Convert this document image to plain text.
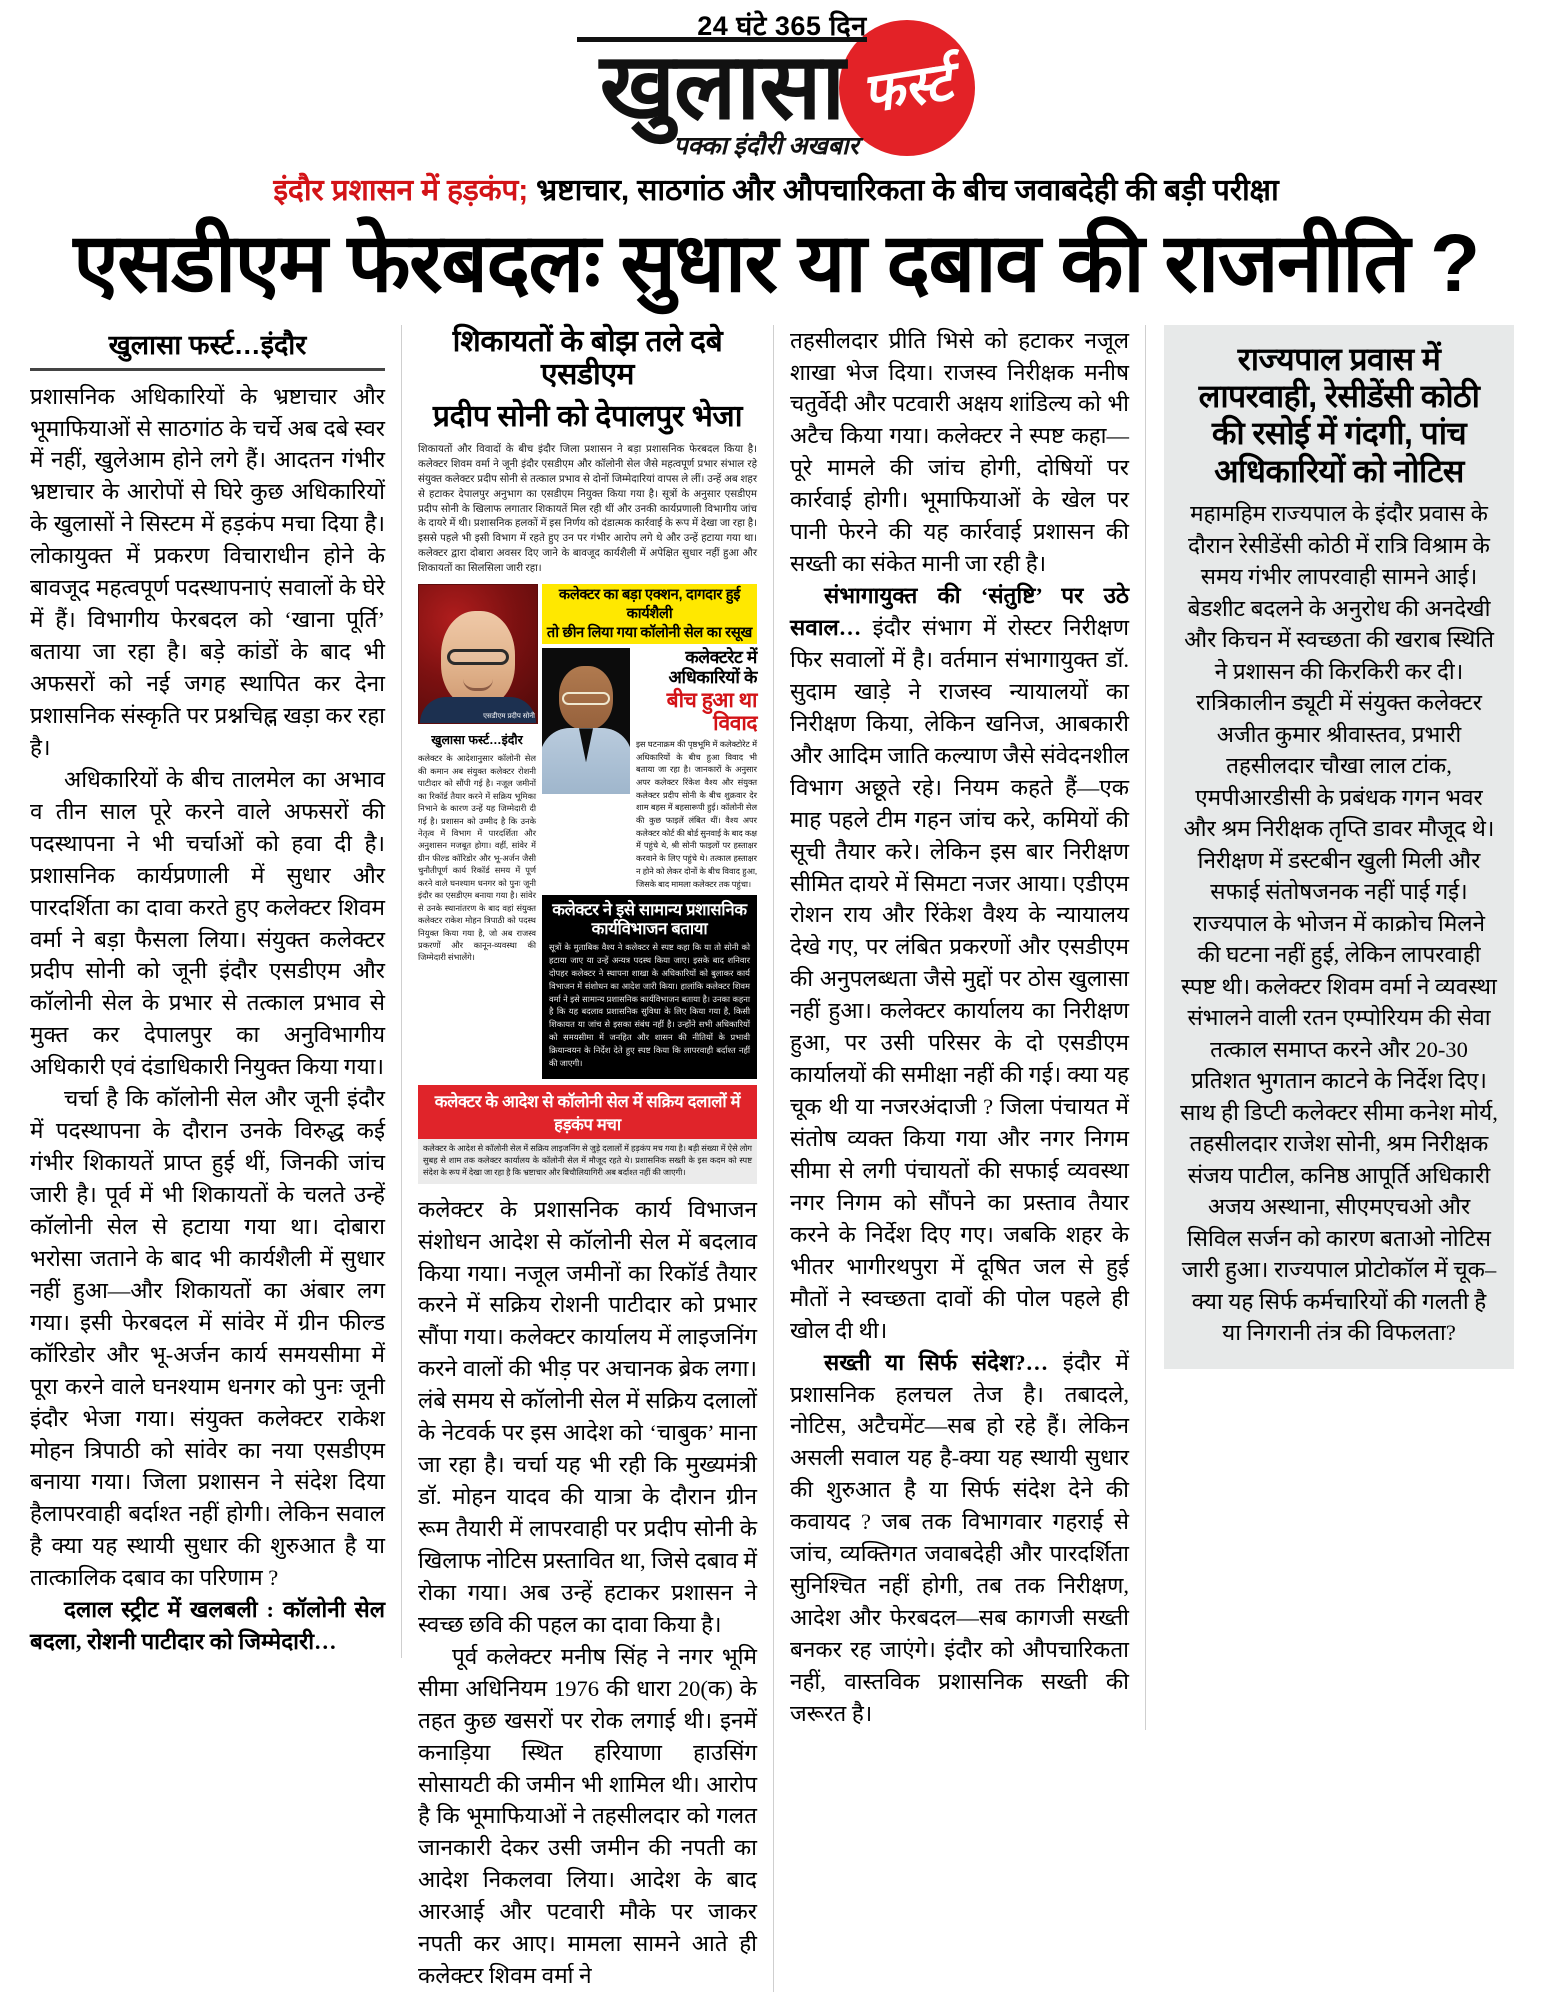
24 घंटे 365 दिन
खुलासा
पक्का इंदौरी अखबार
फर्स्ट
इंदौर प्रशासन में हड़कंप; भ्रष्टाचार, साठगांठ और औपचारिकता के बीच जवाबदेही की बड़ी परीक्षा
एसडीएम फेरबदलः सुधार या दबाव की राजनीति ?
खुलासा फर्स्ट…इंदौर

प्रशासनिक अधिकारियों के भ्रष्टाचार और भूमाफियाओं से साठगांठ के चर्चे अब दबे स्वर में नहीं, खुलेआम होने लगे हैं। आदतन गंभीर भ्रष्टाचार के आरोपों से घिरे कुछ अधिकारियों के खुलासों ने सिस्टम में हड़कंप मचा दिया है। लोकायुक्त में प्रकरण विचाराधीन होने के बावजूद महत्वपूर्ण पदस्थापनाएं सवालों के घेरे में हैं। विभागीय फेरबदल को ‘खाना पूर्ति’ बताया जा रहा है। बड़े कांडों के बाद भी अफसरों को नई जगह स्थापित कर देना प्रशासनिक संस्कृति पर प्रश्नचिह्न खड़ा कर रहा है।

अधिकारियों के बीच तालमेल का अभाव व तीन साल पूरे करने वाले अफसरों की पदस्थापना ने भी चर्चाओं को हवा दी है। प्रशासनिक कार्यप्रणाली में सुधार और पारदर्शिता का दावा करते हुए कलेक्टर शिवम वर्मा ने बड़ा फैसला लिया। संयुक्त कलेक्टर प्रदीप सोनी को जूनी इंदौर एसडीएम और कॉलोनी सेल के प्रभार से तत्काल प्रभाव से मुक्त कर देपालपुर का अनुविभागीय अधिकारी एवं दंडाधिकारी नियुक्त किया गया।

चर्चा है कि कॉलोनी सेल और जूनी इंदौर में पदस्थापना के दौरान उनके विरुद्ध कई गंभीर शिकायतें प्राप्त हुई थीं, जिनकी जांच जारी है। पूर्व में भी शिकायतों के चलते उन्हें कॉलोनी सेल से हटाया गया था। दोबारा भरोसा जताने के बाद भी कार्यशैली में सुधार नहीं हुआ—और शिकायतों का अंबार लग गया। इसी फेरबदल में सांवेर में ग्रीन फील्ड कॉरिडोर और भू-अर्जन कार्य समयसीमा में पूरा करने वाले घनश्याम धनगर को पुनः जूनी इंदौर भेजा गया। संयुक्त कलेक्टर राकेश मोहन त्रिपाठी को सांवेर का नया एसडीएम बनाया गया। जिला प्रशासन ने संदेश दिया हैलापरवाही बर्दाश्त नहीं होगी। लेकिन सवाल है क्या यह स्थायी सुधार की शुरुआत है या तात्कालिक दबाव का परिणाम ?

दलाल स्ट्रीट में खलबली : कॉलोनी सेल बदला, रोशनी पाटीदार को जिम्मेदारी…

शिकायतों के बोझ तले दबे एसडीएम
प्रदीप सोनी को देपालपुर भेजा

शिकायतों और विवादों के बीच इंदौर जिला प्रशासन ने बड़ा प्रशासनिक फेरबदल किया है। कलेक्टर शिवम वर्मा ने जूनी इंदौर एसडीएम और कॉलोनी सेल जैसे महत्वपूर्ण प्रभार संभाल रहे संयुक्त कलेक्टर प्रदीप सोनी से तत्काल प्रभाव से दोनों जिम्मेदारियां वापस ले लीं। उन्हें अब शहर से हटाकर देपालपुर अनुभाग का एसडीएम नियुक्त किया गया है। सूत्रों के अनुसार एसडीएम प्रदीप सोनी के खिलाफ लगातार शिकायतें मिल रही थीं और उनकी कार्यप्रणाली विभागीय जांच के दायरे में थी। प्रशासनिक हलकों में इस निर्णय को दंडात्मक कार्रवाई के रूप में देखा जा रहा है। इससे पहले भी इसी विभाग में रहते हुए उन पर गंभीर आरोप लगे थे और उन्हें हटाया गया था। कलेक्टर द्वारा दोबारा अवसर दिए जाने के बावजूद कार्यशैली में अपेक्षित सुधार नहीं हुआ और शिकायतों का सिलसिला जारी रहा।

एसडीएम प्रदीप सोनी
खुलासा फर्स्ट…इंदौर

कलेक्टर के आदेशानुसार कॉलोनी सेल की कमान अब संयुक्त कलेक्टर रोशनी पाटीदार को सौंपी गई है। नजूल जमीनों का रिकॉर्ड तैयार करने में सक्रिय भूमिका निभाने के कारण उन्हें यह जिम्मेदारी दी गई है। प्रशासन को उम्मीद है कि उनके नेतृत्व में विभाग में पारदर्शिता और अनुशासन मजबूत होगा। वहीं, सांवेर में ग्रीन फील्ड कॉरिडोर और भू-अर्जन जैसी चुनौतीपूर्ण कार्य रिकॉर्ड समय में पूर्ण करने वाले घनश्याम धनगर को पुनः जूनी इंदौर का एसडीएम बनाया गया है। सांवेर से उनके स्थानांतरण के बाद वहां संयुक्त कलेक्टर राकेश मोहन त्रिपाठी को पदस्थ नियुक्त किया गया है, जो अब राजस्व प्रकरणों और कानून-व्यवस्था की जिम्मेदारी संभालेंगे।

कलेक्टर का बड़ा एक्शन, दागदार हुई कार्यशैली
तो छीन लिया गया कॉलोनी सेल का रसूख
कलेक्टरेट में अधिकारियों के
बीच हुआ था विवाद

इस घटनाक्रम की पृष्ठभूमि में कलेक्टोरेट में अधिकारियों के बीच हुआ विवाद भी बताया जा रहा है। जानकारों के अनुसार अपर कलेक्टर रिंकेश वैश्य और संयुक्त कलेक्टर प्रदीप सोनी के बीच शुक्रवार देर शाम बहस में बहसारूपी हुई। कॉलोनी सेल की कुछ फाइलें लंबित थीं। वैश्य अपर कलेक्टर कोर्ट की बोर्ड सुनवाई के बाद कक्ष में पहुंचे थे, श्री सोनी फाइलों पर हस्ताक्षर करवाने के लिए पहुंचे थे। तत्काल हस्ताक्षर न होने को लेकर दोनों के बीच विवाद हुआ, जिसके बाद मामला कलेक्टर तक पहुंचा।

कलेक्टर ने इसे सामान्य प्रशासनिक कार्यविभाजन बताया

सूत्रों के मुताबिक वैश्य ने कलेक्टर से स्पष्ट कहा कि या तो सोनी को हटाया जाए या उन्हें अन्यत्र पदस्थ किया जाए। इसके बाद शनिवार दोपहर कलेक्टर ने स्थापना शाखा के अधिकारियों को बुलाकर कार्य विभाजन में संशोधन का आदेश जारी किया। हालांकि कलेक्टर शिवम वर्मा ने इसे सामान्य प्रशासनिक कार्यविभाजन बताया है। उनका कहना है कि यह बदलाव प्रशासनिक सुविधा के लिए किया गया है, किसी शिकायत या जांच से इसका संबंध नहीं है। उन्होंने सभी अधिकारियों को समयसीमा में जनहित और शासन की नीतियों के प्रभावी क्रियान्वयन के निर्देश देते हुए स्पष्ट किया कि लापरवाही बर्दाश्त नहीं की जाएगी।

कलेक्टर के आदेश से कॉलोनी सेल में सक्रिय दलालों में हड़कंप मचा

कलेक्टर के आदेश से कॉलोनी सेल में सक्रिय लाइजनिंग से जुड़े दलालों में हड़कंप मच गया है। बड़ी संख्या में ऐसे लोग सुबह से शाम तक कलेक्टर कार्यालय के कॉलोनी सेल में मौजूद रहते थे। प्रशासनिक सख्ती के इस कदम को स्पष्ट संदेश के रूप में देखा जा रहा है कि भ्रष्टाचार और बिचौलियागिरी अब बर्दाश्त नहीं की जाएगी।

कलेक्टर के प्रशासनिक कार्य विभाजन संशोधन आदेश से कॉलोनी सेल में बदलाव किया गया। नजूल जमीनों का रिकॉर्ड तैयार करने में सक्रिय रोशनी पाटीदार को प्रभार सौंपा गया। कलेक्टर कार्यालय में लाइजनिंग करने वालों की भीड़ पर अचानक ब्रेक लगा। लंबे समय से कॉलोनी सेल में सक्रिय दलालों के नेटवर्क पर इस आदेश को ‘चाबुक’ माना जा रहा है। चर्चा यह भी रही कि मुख्यमंत्री डॉ. मोहन यादव की यात्रा के दौरान ग्रीन रूम तैयारी में लापरवाही पर प्रदीप सोनी के खिलाफ नोटिस प्रस्तावित था, जिसे दबाव में रोका गया। अब उन्हें हटाकर प्रशासन ने स्वच्छ छवि की पहल का दावा किया है।

पूर्व कलेक्टर मनीष सिंह ने नगर भूमि सीमा अधिनियम 1976 की धारा 20(क) के तहत कुछ खसरों पर रोक लगाई थी। इनमें कनाड़िया स्थित हरियाणा हाउसिंग सोसायटी की जमीन भी शामिल थी। आरोप है कि भूमाफियाओं ने तहसीलदार को गलत जानकारी देकर उसी जमीन की नपती का आदेश निकलवा लिया। आदेश के बाद आरआई और पटवारी मौके पर जाकर नपती कर आए। मामला सामने आते ही कलेक्टर शिवम वर्मा ने

तहसीलदार प्रीति भिसे को हटाकर नजूल शाखा भेज दिया। राजस्व निरीक्षक मनीष चतुर्वेदी और पटवारी अक्षय शांडिल्य को भी अटैच किया गया। कलेक्टर ने स्पष्ट कहा—पूरे मामले की जांच होगी, दोषियों पर कार्रवाई होगी। भूमाफियाओं के खेल पर पानी फेरने की यह कार्रवाई प्रशासन की सख्ती का संकेत मानी जा रही है।

संभागायुक्त की ‘संतुष्टि’ पर उठे सवाल… इंदौर संभाग में रोस्टर निरीक्षण फिर सवालों में है। वर्तमान संभागायुक्त डॉ. सुदाम खाड़े ने राजस्व न्यायालयों का निरीक्षण किया, लेकिन खनिज, आबकारी और आदिम जाति कल्याण जैसे संवेदनशील विभाग अछूते रहे। नियम कहते हैं—एक माह पहले टीम गहन जांच करे, कमियों की सूची तैयार करे। लेकिन इस बार निरीक्षण सीमित दायरे में सिमटा नजर आया। एडीएम रोशन राय और रिंकेश वैश्य के न्यायालय देखे गए, पर लंबित प्रकरणों और एसडीएम की अनुपलब्धता जैसे मुद्दों पर ठोस खुलासा नहीं हुआ। कलेक्टर कार्यालय का निरीक्षण हुआ, पर उसी परिसर के दो एसडीएम कार्यालयों की समीक्षा नहीं की गई। क्या यह चूक थी या नजरअंदाजी ? जिला पंचायत में संतोष व्यक्त किया गया और नगर निगम सीमा से लगी पंचायतों की सफाई व्यवस्था नगर निगम को सौंपने का प्रस्ताव तैयार करने के निर्देश दिए गए। जबकि शहर के भीतर भागीरथपुरा में दूषित जल से हुई मौतों ने स्वच्छता दावों की पोल पहले ही खोल दी थी।

सख्ती या सिर्फ संदेश?… इंदौर में प्रशासनिक हलचल तेज है। तबादले, नोटिस, अटैचमेंट—सब हो रहे हैं। लेकिन असली सवाल यह है-क्या यह स्थायी सुधार की शुरुआत है या सिर्फ संदेश देने की कवायद ? जब तक विभागवार गहराई से जांच, व्यक्तिगत जवाबदेही और पारदर्शिता सुनिश्चित नहीं होगी, तब तक निरीक्षण, आदेश और फेरबदल—सब कागजी सख्ती बनकर रह जाएंगे। इंदौर को औपचारिकता नहीं, वास्तविक प्रशासनिक सख्ती की जरूरत है।

राज्यपाल प्रवास में लापरवाही, रेसीडेंसी कोठी की रसोई में गंदगी, पांच अधिकारियों को नोटिस

महामहिम राज्यपाल के इंदौर प्रवास के दौरान रेसीडेंसी कोठी में रात्रि विश्राम के समय गंभीर लापरवाही सामने आई। बेडशीट बदलने के अनुरोध की अनदेखी और किचन में स्वच्छता की खराब स्थिति ने प्रशासन की किरकिरी कर दी। रात्रिकालीन ड्यूटी में संयुक्त कलेक्टर अजीत कुमार श्रीवास्तव, प्रभारी तहसीलदार चौखा लाल टांक, एमपीआरडीसी के प्रबंधक गगन भवर और श्रम निरीक्षक तृप्ति डावर मौजूद थे। निरीक्षण में डस्टबीन खुली मिली और सफाई संतोषजनक नहीं पाई गई। राज्यपाल के भोजन में काक्रोच मिलने की घटना नहीं हुई, लेकिन लापरवाही स्पष्ट थी। कलेक्टर शिवम वर्मा ने व्यवस्था संभालने वाली रतन एम्पोरियम की सेवा तत्काल समाप्त करने और 20-30 प्रतिशत भुगतान काटने के निर्देश दिए। साथ ही डिप्टी कलेक्टर सीमा कनेश मोर्य, तहसीलदार राजेश सोनी, श्रम निरीक्षक संजय पाटील, कनिष्ठ आपूर्ति अधिकारी अजय अस्थाना, सीएमएचओ और सिविल सर्जन को कारण बताओ नोटिस जारी हुआ। राज्यपाल प्रोटोकॉल में चूक–क्या यह सिर्फ कर्मचारियों की गलती है या निगरानी तंत्र की विफलता?
